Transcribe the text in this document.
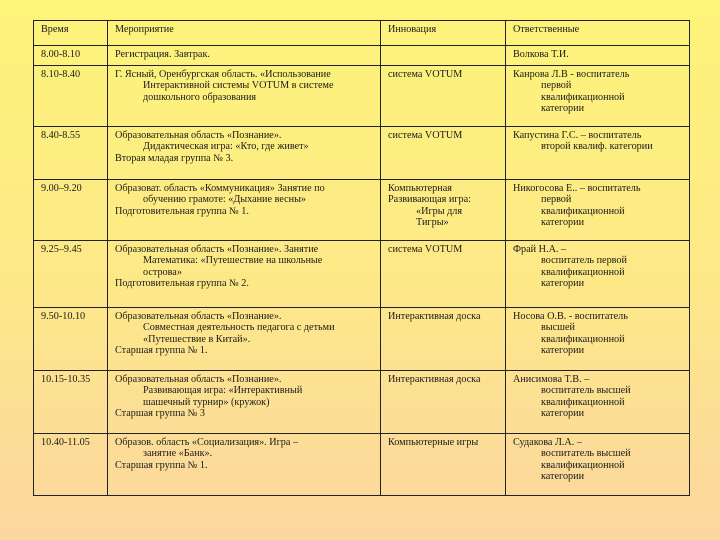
Время	Мероприятие	Инновация	Ответственные
8.00-8.10	Регистрация. Завтрак.		Волкова Т.И.

8.10-8.40	Г. Ясный, Оренбургская область. «Использование
Интерактивной системы VOTUM в системе
дошкольного образования	система VOTUM	Канрова Л.В - воспитатель
первой
квалификационной
категории

8.40-8.55	Образовательная область «Познание».
Дидактическая игра: «Кто, где живет»
Вторая младая группа № 3.	система VOTUM	Капустина Г.С. – воспитатель
второй квалиф. категории

9.00–9.20	Образоват. область «Коммуникация» Занятие по
обучению грамоте: «Дыхание весны»
Подготовительная группа № 1.	Компьютерная
Развивающая игра:
«Игры для
Тигры»	Никогосова Е.. – воспитатель
первой
квалификационной
категории

9.25–9.45	Образовательная область «Познание». Занятие
Математика: «Путешествие на школьные
острова»
Подготовительная группа № 2.	система VOTUM	Фрай Н.А. –
воспитатель первой
квалификационной
категории

9.50-10.10	Образовательная область «Познание».
Совместная деятельность педагога с детьми
«Путешествие в Китай».
Старшая группа № 1.	Интерактивная доска	Носова О.В. - воспитатель
высшей
квалификационной
категории

10.15-10.35	Образовательная область «Познание».
Развивающая игра: «Интерактивный
шашечный турнир» (кружок)
Старшая группа № 3	Интерактивная доска	Анисимова Т.В. –
воспитатель высшей
квалификационной
категории

10.40-11.05	Образов. область «Социализация». Игра –
занятие «Банк».
Старшая группа № 1.	Компьютерные игры	Судакова Л.А. –
воспитатель высшей
квалификационной
категории
